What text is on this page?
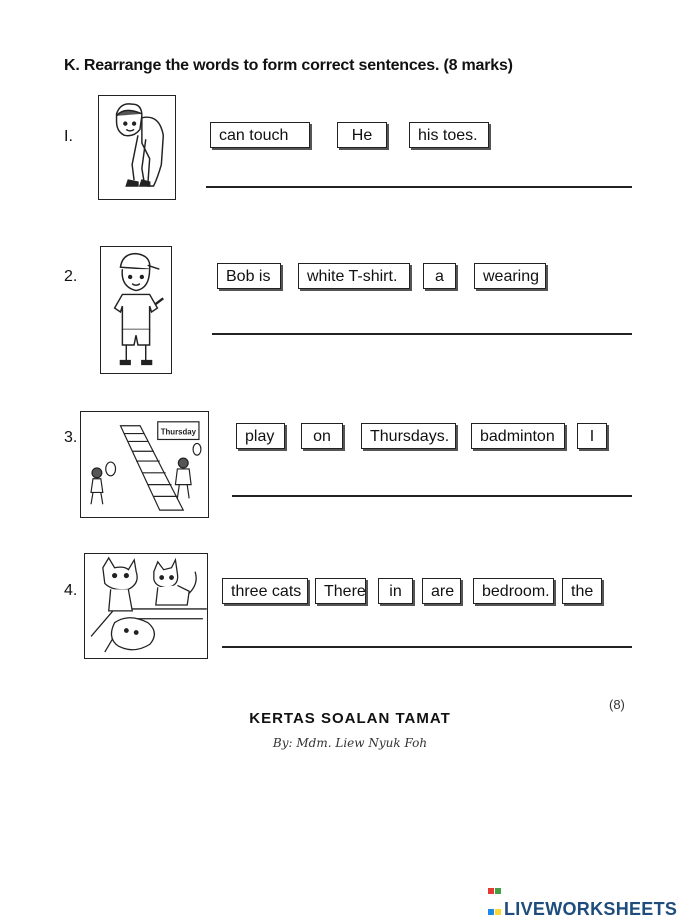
K. Rearrange the words to form correct sentences. (8 marks)
I.	can touch	He	his toes.
2.	Bob is	white T-shirt.	a	wearing
3.	Thursday	play	on	Thursdays.	badminton	I
4.	three cats	There	in	are	bedroom.	the
(8)
KERTAS SOALAN TAMAT
By: Mdm. Liew Nyuk Foh
LIVEWORKSHEETS
